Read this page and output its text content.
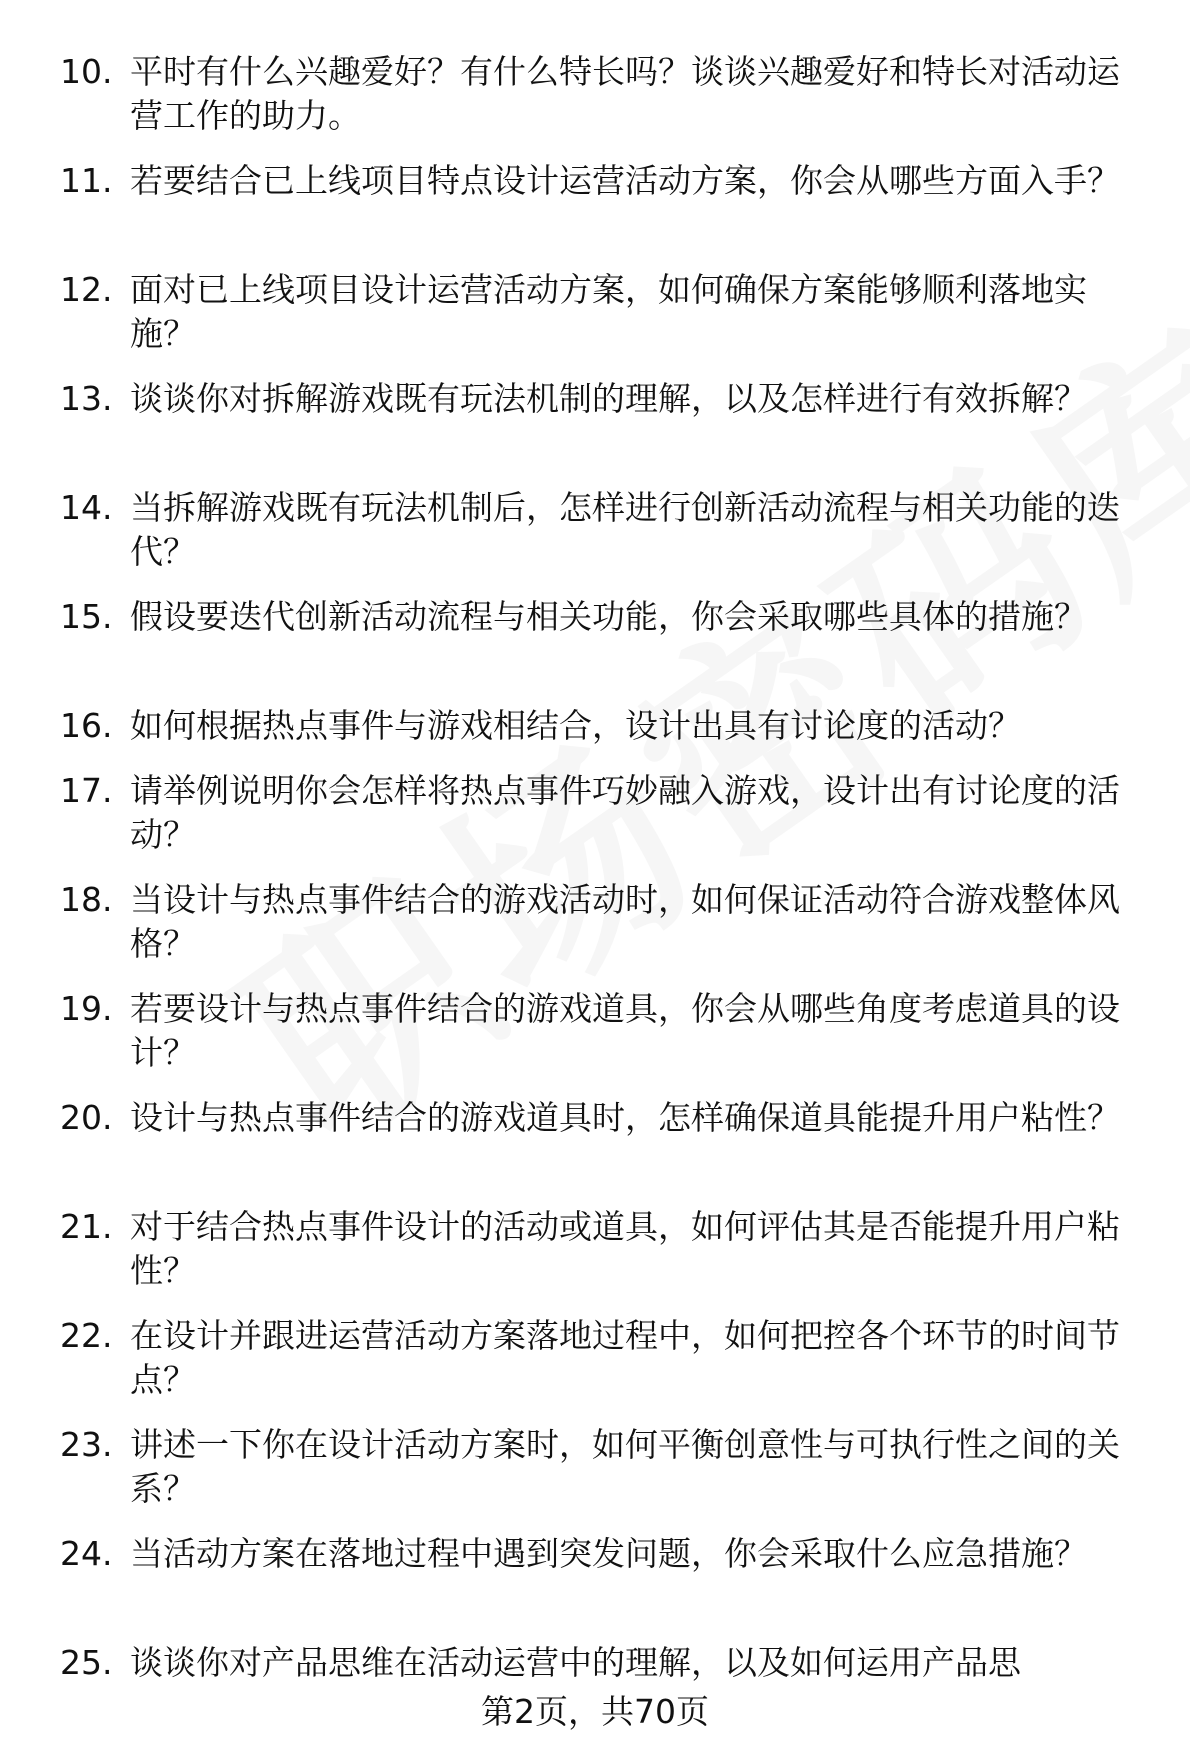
10. 平时有什么兴趣爱好？有什么特长吗？谈谈兴趣爱好和特长对活动运营工作的助力。
11. 若要结合已上线项目特点设计运营活动方案，你会从哪些方面入手？
12. 面对已上线项目设计运营活动方案，如何确保方案能够顺利落地实施？
13. 谈谈你对拆解游戏既有玩法机制的理解，以及怎样进行有效拆解？
14. 当拆解游戏既有玩法机制后，怎样进行创新活动流程与相关功能的迭代？
15. 假设要迭代创新活动流程与相关功能，你会采取哪些具体的措施？
16. 如何根据热点事件与游戏相结合，设计出具有讨论度的活动？
17. 请举例说明你会怎样将热点事件巧妙融入游戏，设计出有讨论度的活动？
18. 当设计与热点事件结合的游戏活动时，如何保证活动符合游戏整体风格？
19. 若要设计与热点事件结合的游戏道具，你会从哪些角度考虑道具的设计？
20. 设计与热点事件结合的游戏道具时，怎样确保道具能提升用户粘性？
21. 对于结合热点事件设计的活动或道具，如何评估其是否能提升用户粘性？
22. 在设计并跟进运营活动方案落地过程中，如何把控各个环节的时间节点？
23. 讲述一下你在设计活动方案时，如何平衡创意性与可执行性之间的关系？
24. 当活动方案在落地过程中遇到突发问题，你会采取什么应急措施？
25. 谈谈你对产品思维在活动运营中的理解，以及如何运用产品思
第2页，共70页
